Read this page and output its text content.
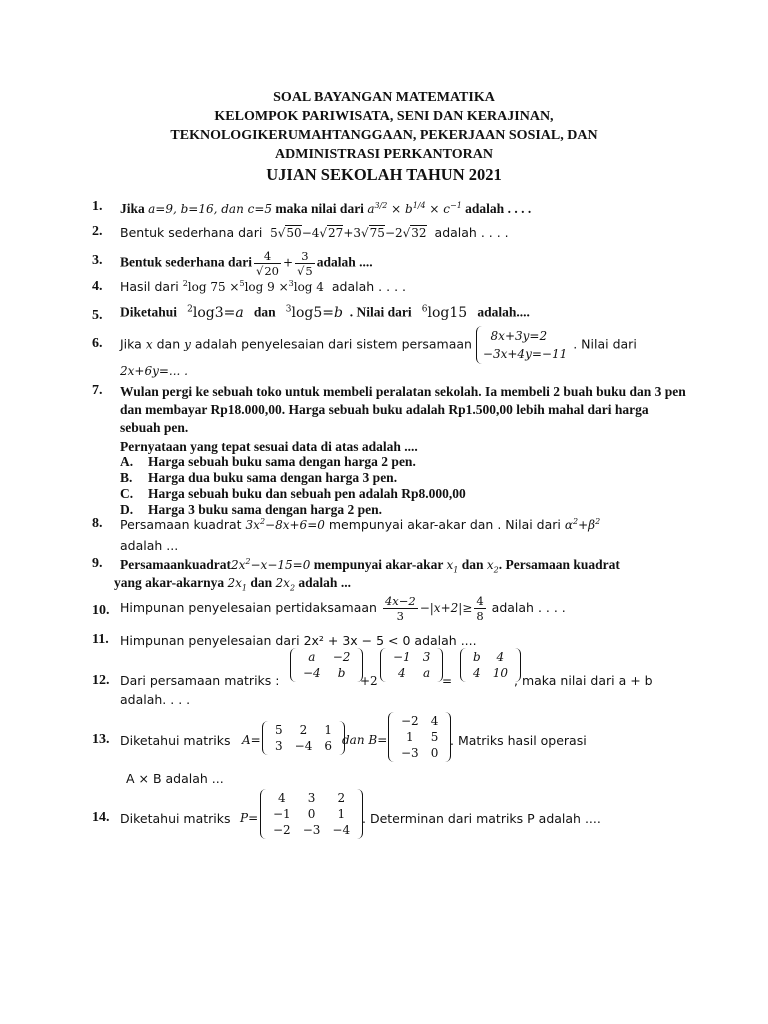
SOAL BAYANGAN MATEMATIKA
KELOMPOK PARIWISATA, SENI DAN KERAJINAN,
TEKNOLOGIKERUMAHTANGGAAN, PEKERJAAN SOSIAL, DAN
ADMINISTRASI PERKANTORAN
UJIAN SEKOLAH TAHUN 2021
1. Jika a=9, b=16, dan c=5 maka nilai dari $a^{3/2} \times b^{1/4} \times c^{-1}$ adalah . . . .
2. Bentuk sederhana dari  5√50−4√27+3√75−2√32 adalah . . . .
3. Bentuk sederhana dari $\frac{4}{√20} + \frac{3}{√5}$ adalah ....
4. Hasil dari $^2$log 75 ×$^5$log 9 ×$^3$log 4 adalah . . . .
5. Diketahui $^2$log3=a dan $^3$log5=b . Nilai dari $^6$log15 adalah....
6. Jika x dan y adalah penyelesaian dari sistem persamaan   8x+3y=2
−3x+4y=−11. Nilai dari
2x+6y=... .
7. Wulan pergi ke sebuah toko untuk membeli peralatan sekolah. Ia membeli 2 buah buku dan 3 pen dan membayar Rp18.000,00. Harga sebuah buku adalah Rp1.500,00 lebih mahal dari harga sebuah pen.
Pernyataan yang tepat sesuai data di atas adalah ....
A. Harga sebuah buku sama dengan harga 2 pen.
B. Harga dua buku sama dengan harga 3 pen.
C. Harga sebuah buku dan sebuah pen adalah Rp8.000,00
D. Harga 3 buku sama dengan harga 2 pen.
8. Persamaan kuadrat $3x^2-8x+6=0$ mempunyai akar-akar dan . Nilai dari $\alpha^2+\beta^2$
adalah ...
9. $Persamaankuadrat2x^2-x-15=0$ mempunyai akar-akar $x_1$ dan $x_2$. Persamaan kuadrat
yang akar-akarnya $2x_1$ dan $2x_2$ adalah ...
10. Himpunan penyelesaian pertidaksamaan $\frac{4x-2}{3} -|x+2|\ge \frac{4}{8}$ adalah . . . .
11. Himpunan penyelesaian dari 2x² + 3x − 5 < 0 adalah ....
12. Dari persamaan matriks :
a	−2
−4	b
+2
−1	3
4	a
=
b	4
4	10 , maka nilai dari a + b
adalah. . . .
13. Diketahui matriks A=
5	2	1
3	−4	6 dan B=
−2	4
1	5
−3	0
. Matriks hasil operasi
A × B adalah ...
14. Diketahui matriks P=
4	3	2
−1	0	1
−2	−3	−4
. Determinan dari matriks P adalah ....
